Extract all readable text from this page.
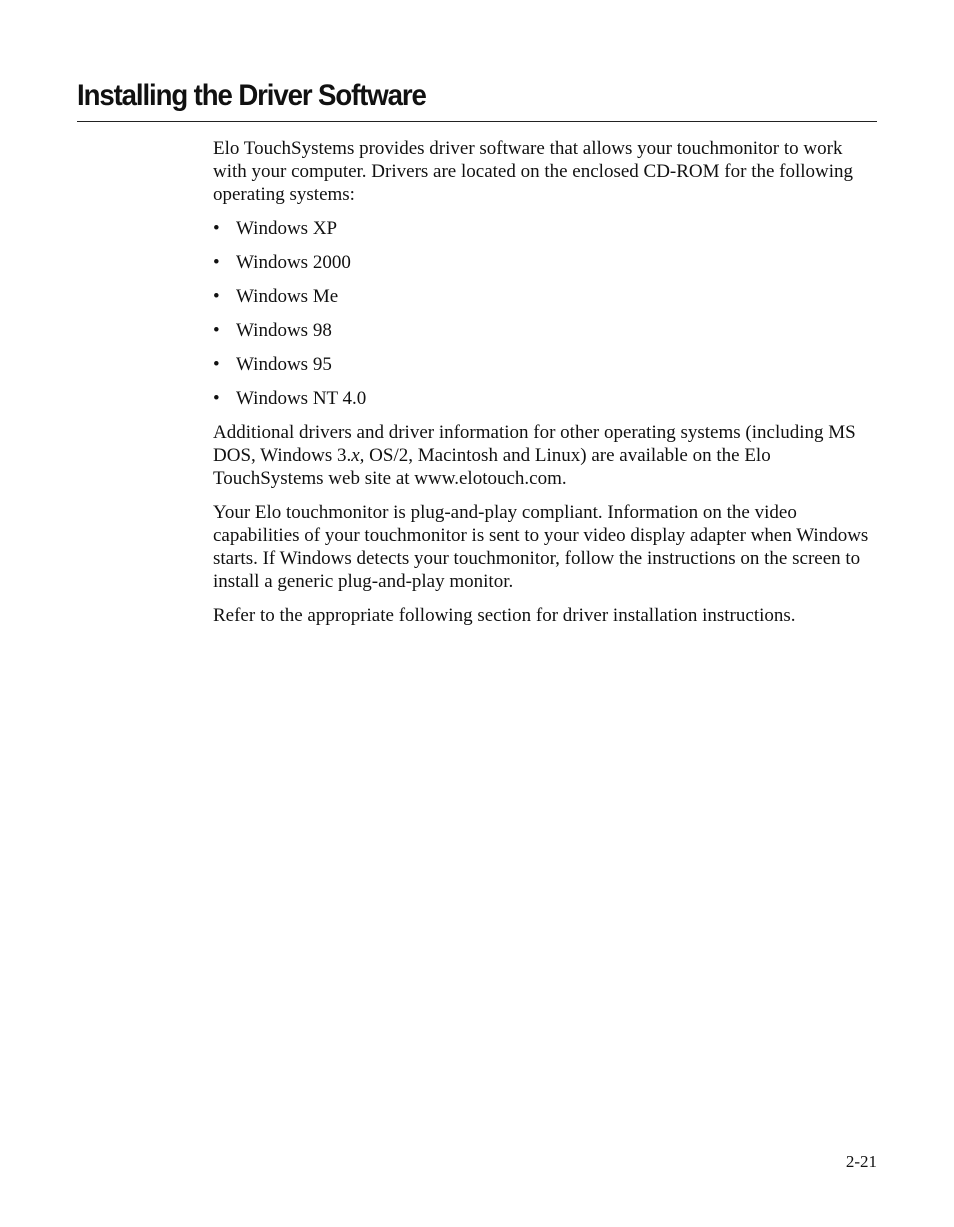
Installing the Driver Software

Elo TouchSystems provides driver software that allows your touchmonitor to work with your computer. Drivers are located on the enclosed CD-ROM for the following operating systems:

• Windows XP
• Windows 2000
• Windows Me
• Windows 98
• Windows 95
• Windows NT 4.0

Additional drivers and driver information for other operating systems (including MS DOS, Windows 3.x, OS/2, Macintosh and Linux) are available on the Elo TouchSystems web site at www.elotouch.com.

Your Elo touchmonitor is plug-and-play compliant. Information on the video capabilities of your touchmonitor is sent to your video display adapter when Windows starts. If Windows detects your touchmonitor, follow the instructions on the screen to install a generic plug-and-play monitor.

Refer to the appropriate following section for driver installation instructions.

2-21
